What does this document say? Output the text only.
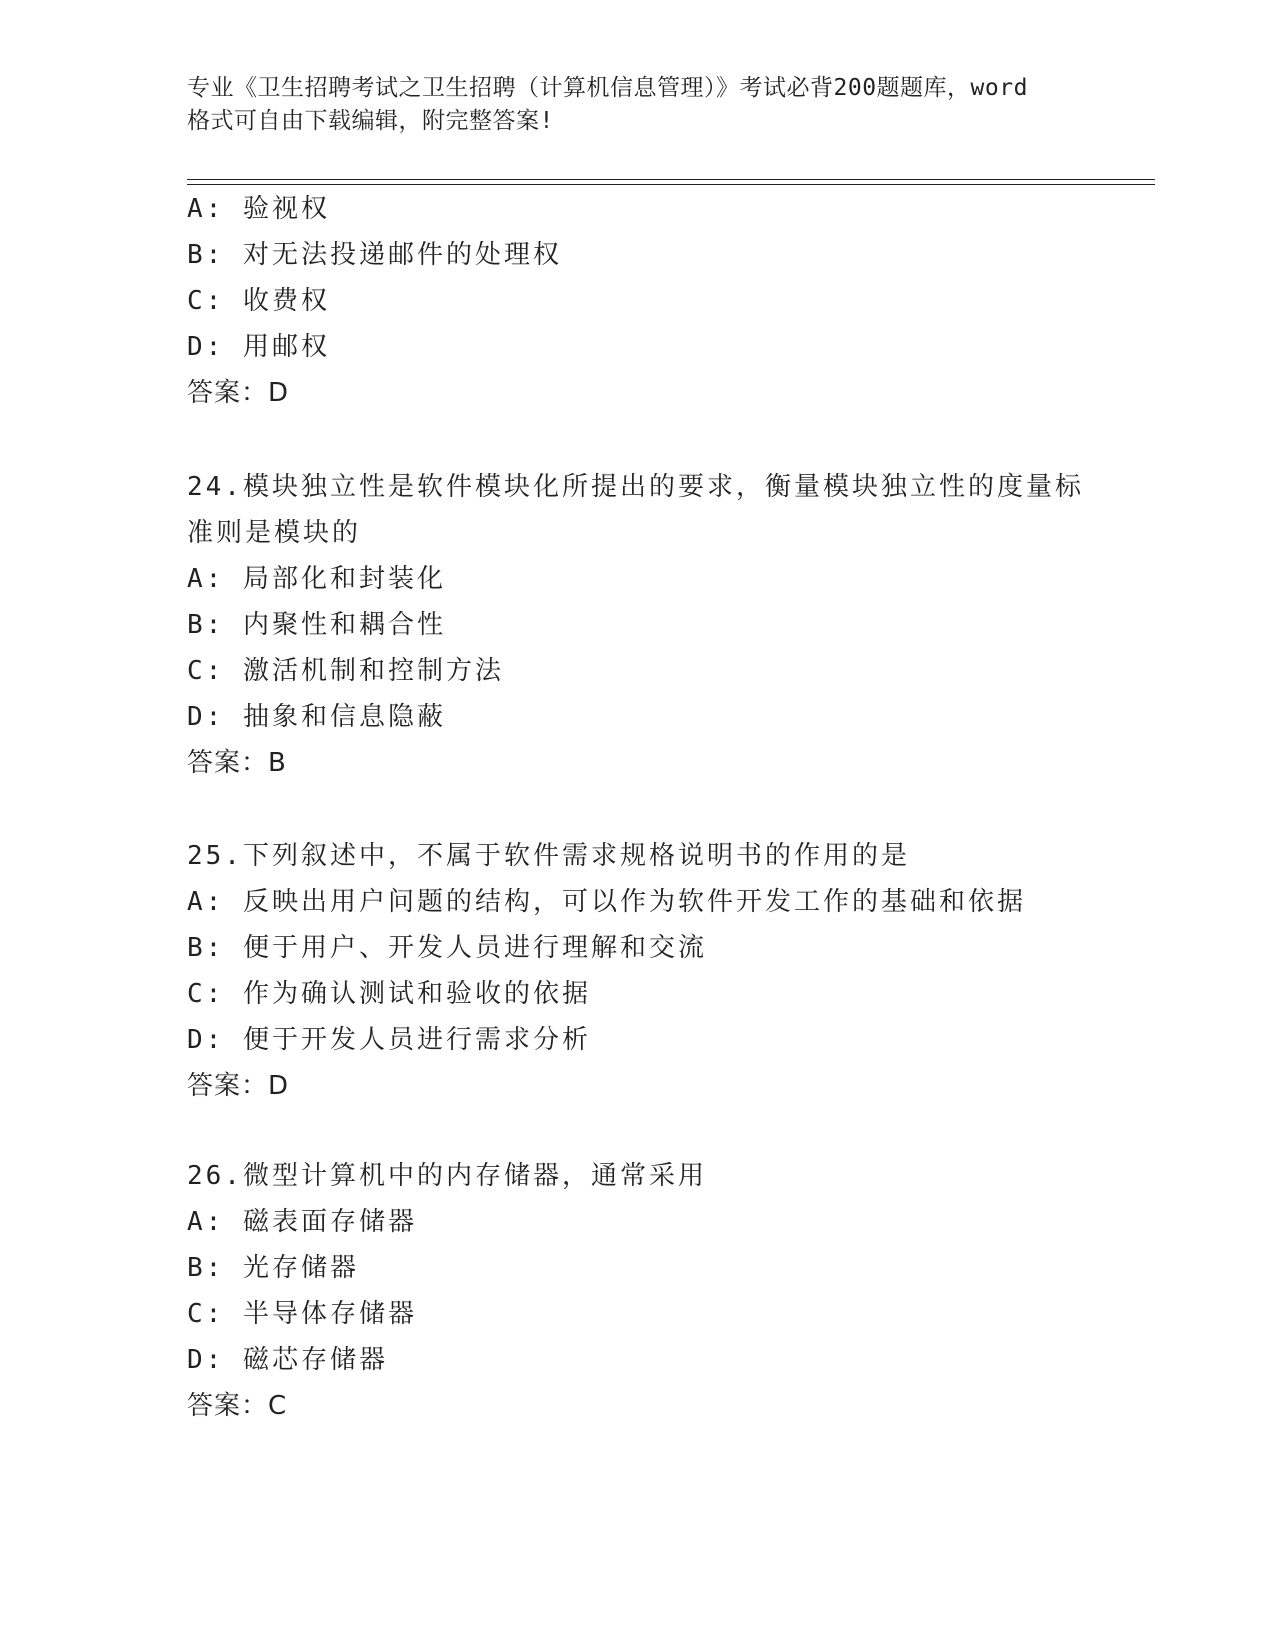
专业《卫生招聘考试之卫生招聘（计算机信息管理）》考试必背200题题库，word
格式可自由下载编辑，附完整答案!
A: 验视权
B: 对无法投递邮件的处理权
C: 收费权
D: 用邮权
答案：D
24.模块独立性是软件模块化所提出的要求，衡量模块独立性的度量标
准则是模块的
A: 局部化和封装化
B: 内聚性和耦合性
C: 激活机制和控制方法
D: 抽象和信息隐蔽
答案：B
25.下列叙述中，不属于软件需求规格说明书的作用的是
A: 反映出用户问题的结构，可以作为软件开发工作的基础和依据
B: 便于用户、开发人员进行理解和交流
C: 作为确认测试和验收的依据
D: 便于开发人员进行需求分析
答案：D
26.微型计算机中的内存储器，通常采用
A: 磁表面存储器
B: 光存储器
C: 半导体存储器
D: 磁芯存储器
答案：C
